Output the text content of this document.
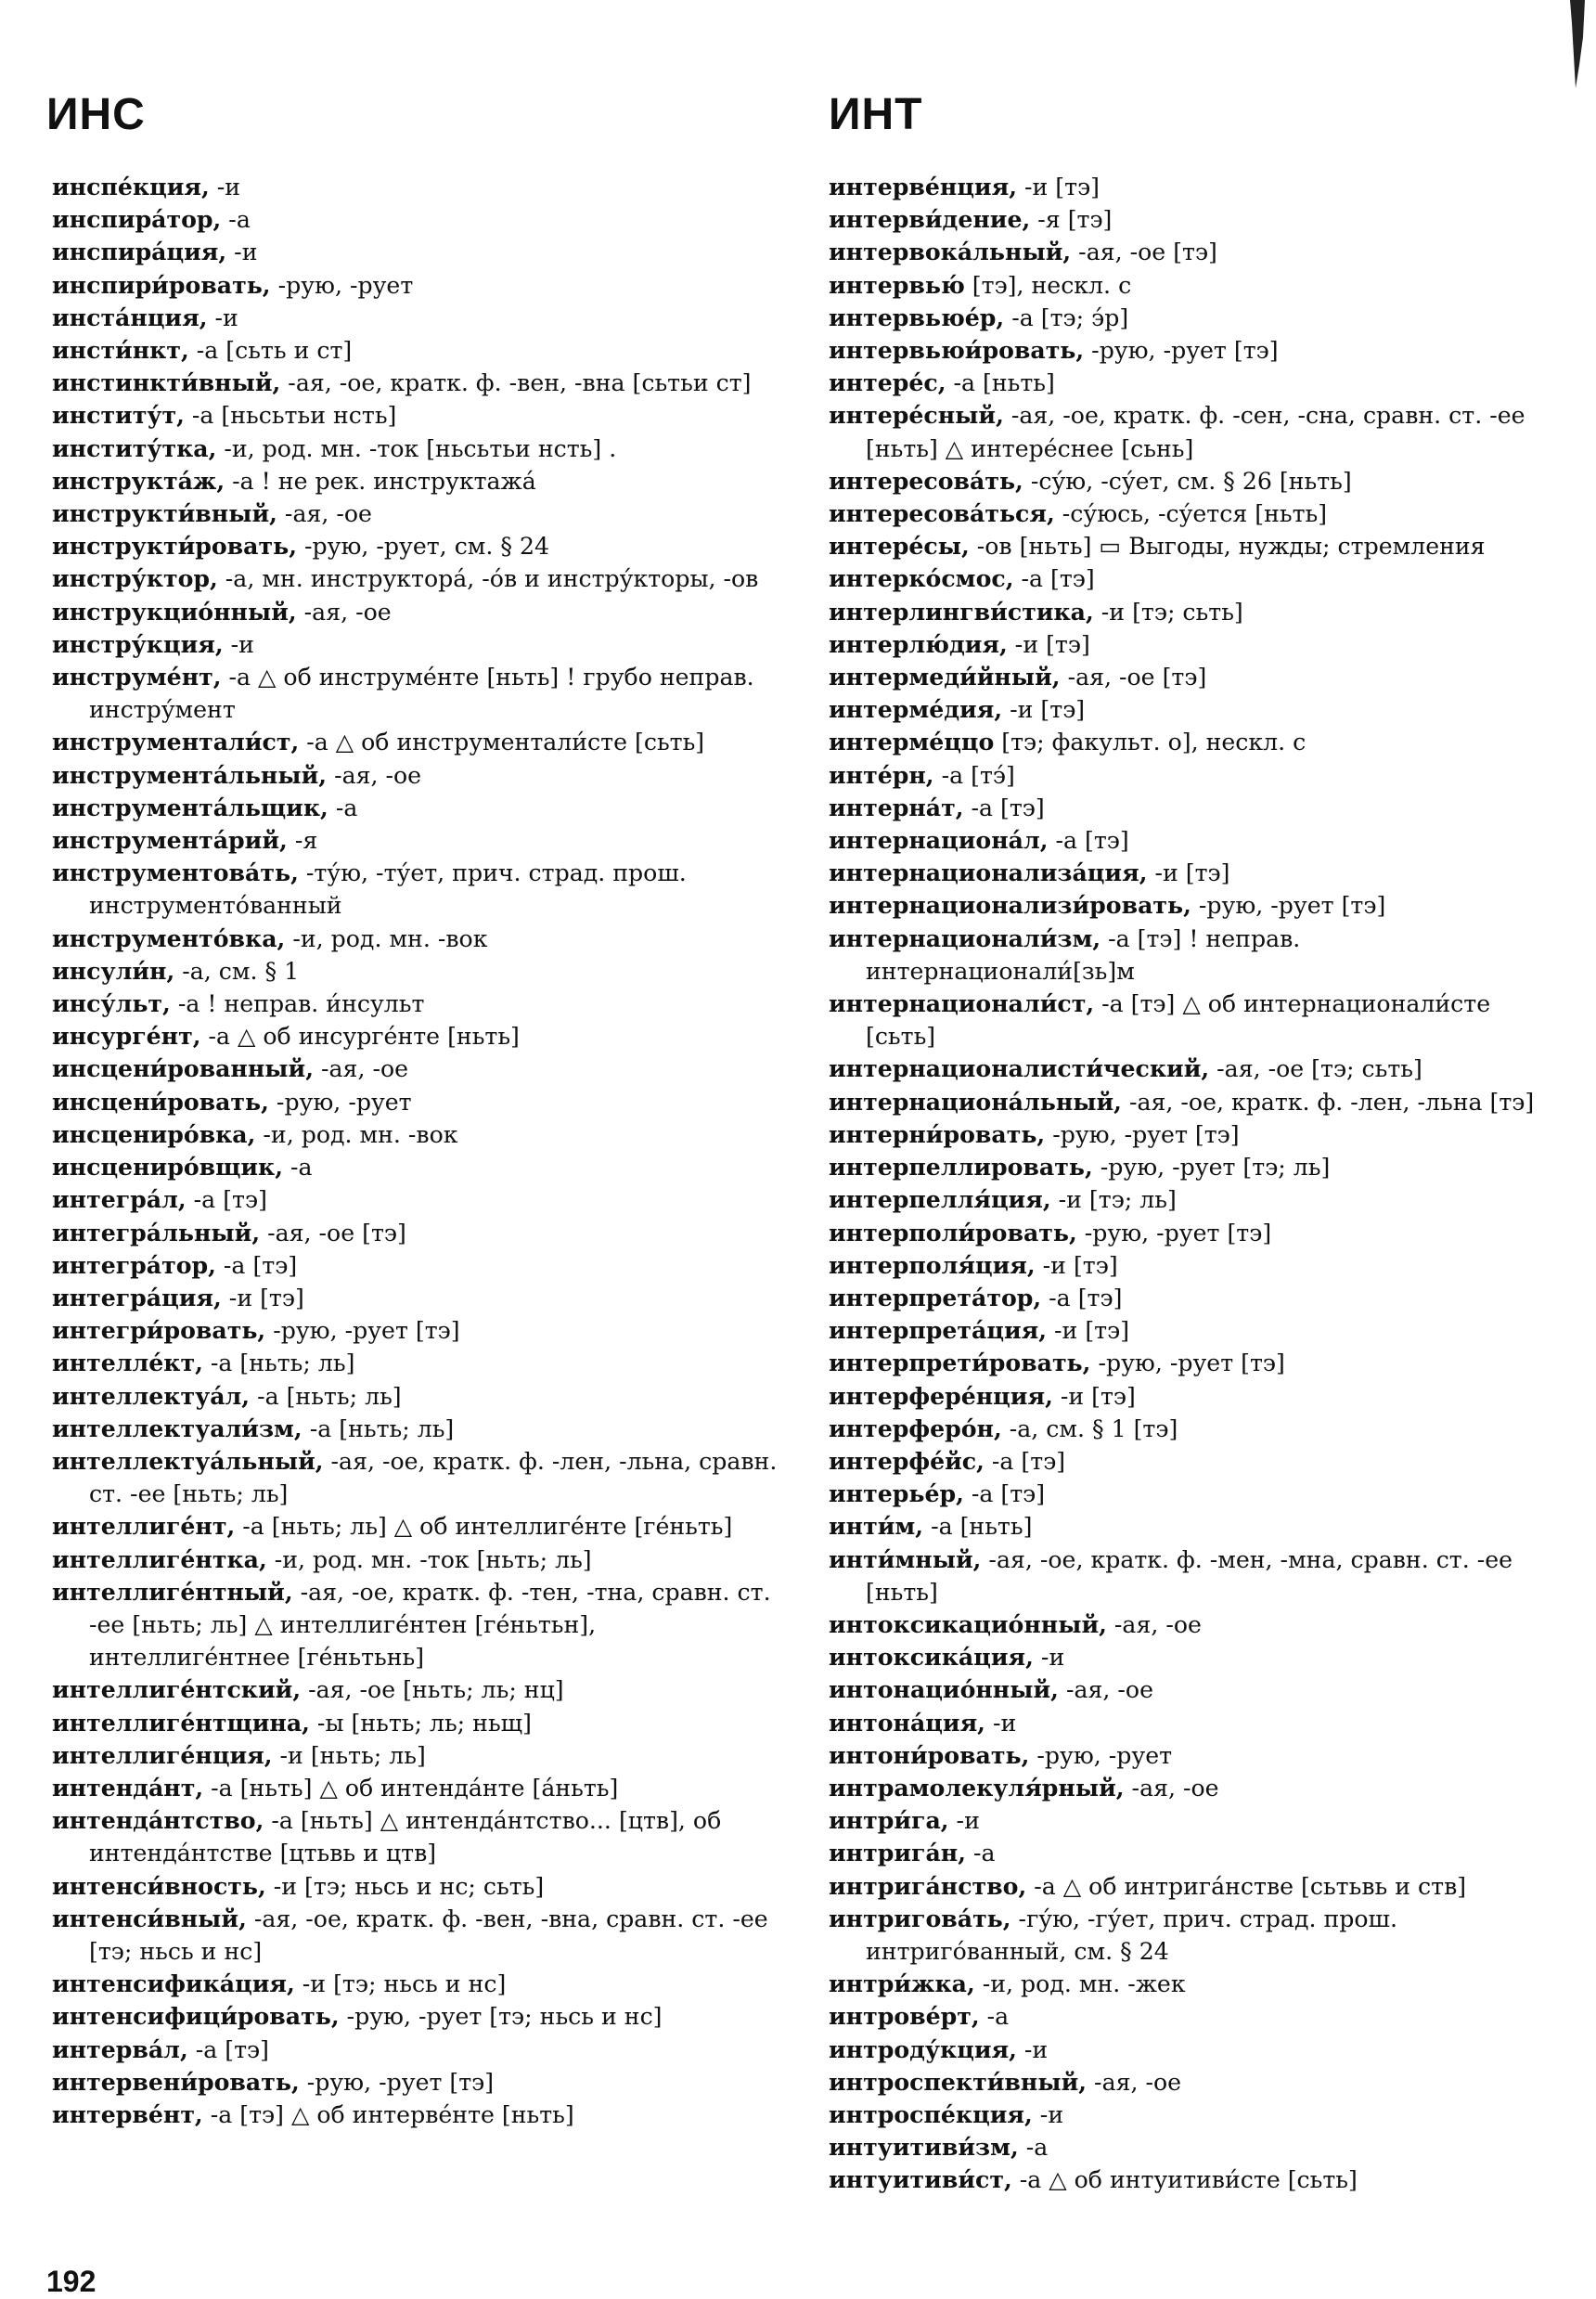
ИНС	ИНТ

инспе́кция, -и

инспира́тор, -а

инспира́ция, -и

инспири́ровать, -рую, -рует

инста́нция, -и

инсти́нкт, -а [сьть и ст]

инстинкти́вный, -ая, -ое, кратк. ф. -вен, -вна [сьтьи ст]

институ́т, -а [ньсьтьи нсть]

институ́тка, -и, род. мн. -ток [ньсьтьи нсть] .

инструкта́ж, -а ! не рек. инструктажа́

инструкти́вный, -ая, -ое

инструкти́ровать, -рую, -рует, см. § 24

инстру́ктор, -а, мн. инструктора́, -о́в и инстру́кторы, -ов

инструкцио́нный, -ая, -ое

инстру́кция, -и

инструме́нт, -а △ об инструме́нте [ньть] ! грубо неправ. инстру́мент

инструментали́ст, -а △ об инструментали́сте [сьть]

инструмента́льный, -ая, -ое

инструмента́льщик, -а

инструмента́рий, -я

инструментова́ть, -ту́ю, -ту́ет, прич. страд. прош. инструменто́ванный

инструменто́вка, -и, род. мн. -вок

инсули́н, -а, см. § 1

инсу́льт, -а ! неправ. и́нсульт

инсурге́нт, -а △ об инсурге́нте [ньть]

инсцени́рованный, -ая, -ое

инсцени́ровать, -рую, -рует

инсцениро́вка, -и, род. мн. -вок

инсцениро́вщик, -а

интегра́л, -а [тэ]

интегра́льный, -ая, -ое [тэ]

интегра́тор, -а [тэ]

интегра́ция, -и [тэ]

интегри́ровать, -рую, -рует [тэ]

интелле́кт, -а [ньть; ль]

интеллектуа́л, -а [ньть; ль]

интеллектуали́зм, -а [ньть; ль]

интеллектуа́льный, -ая, -ое, кратк. ф. -лен, -льна, сравн. ст. -ее [ньть; ль]

интеллиге́нт, -а [ньть; ль] △ об интеллиге́нте [ге́ньть]

интеллиге́нтка, -и, род. мн. -ток [ньть; ль]

интеллиге́нтный, -ая, -ое, кратк. ф. -тен, -тна, сравн. ст. -ее [ньть; ль] △ интеллиге́нтен [ге́ньтьн], интеллиге́нтнее [ге́ньтьнь]

интеллиге́нтский, -ая, -ое [ньть; ль; нц]

интеллиге́нтщина, -ы [ньть; ль; ньщ]

интеллиге́нция, -и [ньть; ль]

интенда́нт, -а [ньть] △ об интенда́нте [а́ньть]

интенда́нтство, -а [ньть] △ интенда́нтство... [цтв], об интенда́нтстве [цтьвь и цтв]

интенси́вность, -и [тэ; ньсь и нс; сьть]

интенси́вный, -ая, -ое, кратк. ф. -вен, -вна, сравн. ст. -ее [тэ; ньсь и нс]

интенсифика́ция, -и [тэ; ньсь и нс]

интенсифици́ровать, -рую, -рует [тэ; ньсь и нс]

интерва́л, -а [тэ]

интервени́ровать, -рую, -рует [тэ]

интерве́нт, -а [тэ] △ об интерве́нте [ньть]

интерве́нция, -и [тэ]

интерви́дение, -я [тэ]

интервока́льный, -ая, -ое [тэ]

интервью́ [тэ], нескл. с

интервьюе́р, -а [тэ; э́р]

интервьюи́ровать, -рую, -рует [тэ]

интере́с, -а [ньть]

интере́сный, -ая, -ое, кратк. ф. -сен, -сна, сравн. ст. -ее [ньть] △ интере́снее [сьнь]

интересова́ть, -су́ю, -су́ет, см. § 26 [ньть]

интересова́ться, -су́юсь, -су́ется [ньть]

интере́сы, -ов [ньть] ▭ Выгоды, нужды; стремления

интерко́смос, -а [тэ]

интерлингви́стика, -и [тэ; сьть]

интерлю́дия, -и [тэ]

интермеди́йный, -ая, -ое [тэ]

интерме́дия, -и [тэ]

интерме́ццо [тэ; факульт. о], нескл. с

инте́рн, -а [тэ́]

интерна́т, -а [тэ]

интернациона́л, -а [тэ]

интернационализа́ция, -и [тэ]

интернационализи́ровать, -рую, -рует [тэ]

интернационали́зм, -а [тэ] ! неправ. интернационали́[зь]м

интернационали́ст, -а [тэ] △ об интернационали́сте [сьть]

интернационалисти́ческий, -ая, -ое [тэ; сьть]

интернациона́льный, -ая, -ое, кратк. ф. -лен, -льна [тэ]

интерни́ровать, -рую, -рует [тэ]

интерпеллировать, -рую, -рует [тэ; ль]

интерпелля́ция, -и [тэ; ль]

интерполи́ровать, -рую, -рует [тэ]

интерполя́ция, -и [тэ]

интерпрета́тор, -а [тэ]

интерпрета́ция, -и [тэ]

интерпрети́ровать, -рую, -рует [тэ]

интерфере́нция, -и [тэ]

интерферо́н, -а, см. § 1 [тэ]

интерфе́йс, -а [тэ]

интерье́р, -а [тэ]

инти́м, -а [ньть]

инти́мный, -ая, -ое, кратк. ф. -мен, -мна, сравн. ст. -ее [ньть]

интоксикацио́нный, -ая, -ое

интоксика́ция, -и

интонацио́нный, -ая, -ое

интона́ция, -и

интони́ровать, -рую, -рует

интрамолекуля́рный, -ая, -ое

интри́га, -и

интрига́н, -а

интрига́нство, -а △ об интрига́нстве [сьтьвь и ств]

интригова́ть, -гу́ю, -гу́ет, прич. страд. прош. интриго́ванный, см. § 24

интри́жка, -и, род. мн. -жек

интрове́рт, -а

интроду́кция, -и

интроспекти́вный, -ая, -ое

интроспе́кция, -и

интуитиви́зм, -а

интуитиви́ст, -а △ об интуитиви́сте [сьть]

192
